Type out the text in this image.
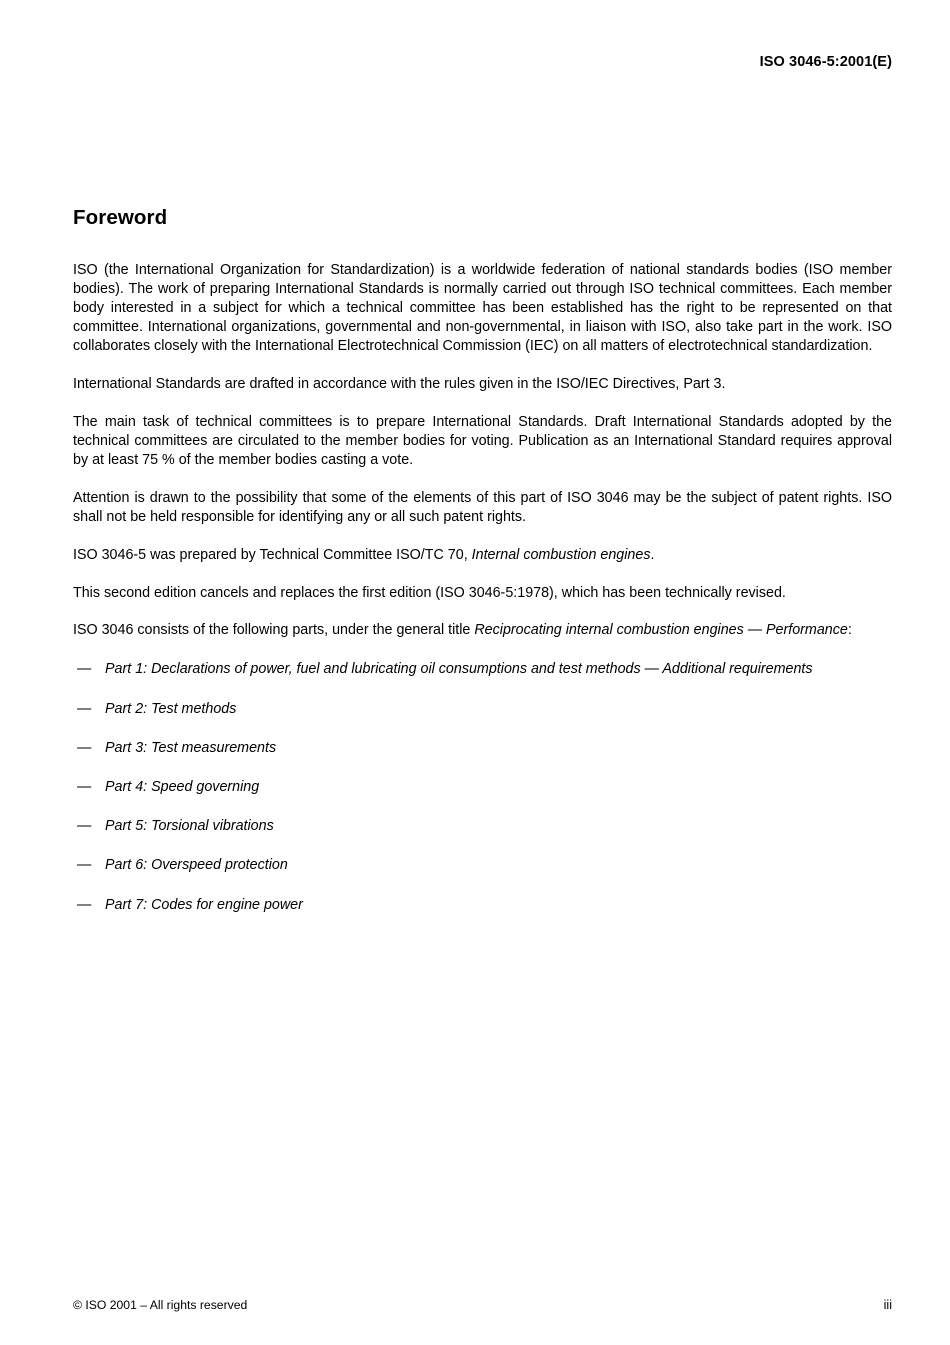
ISO 3046-5:2001(E)
Foreword

ISO (the International Organization for Standardization) is a worldwide federation of national standards bodies (ISO member bodies). The work of preparing International Standards is normally carried out through ISO technical committees. Each member body interested in a subject for which a technical committee has been established has the right to be represented on that committee. International organizations, governmental and non-governmental, in liaison with ISO, also take part in the work. ISO collaborates closely with the International Electrotechnical Commission (IEC) on all matters of electrotechnical standardization.

International Standards are drafted in accordance with the rules given in the ISO/IEC Directives, Part 3.

The main task of technical committees is to prepare International Standards. Draft International Standards adopted by the technical committees are circulated to the member bodies for voting. Publication as an International Standard requires approval by at least 75 % of the member bodies casting a vote.

Attention is drawn to the possibility that some of the elements of this part of ISO 3046 may be the subject of patent rights. ISO shall not be held responsible for identifying any or all such patent rights.

ISO 3046-5 was prepared by Technical Committee ISO/TC 70, Internal combustion engines.

This second edition cancels and replaces the first edition (ISO 3046-5:1978), which has been technically revised.

ISO 3046 consists of the following parts, under the general title Reciprocating internal combustion engines — Performance:

— Part 1: Declarations of power, fuel and lubricating oil consumptions and test methods — Additional requirements
— Part 2: Test methods
— Part 3: Test measurements
— Part 4: Speed governing
— Part 5: Torsional vibrations
— Part 6: Overspeed protection
— Part 7: Codes for engine power
© ISO 2001 – All rights reserved	iii
